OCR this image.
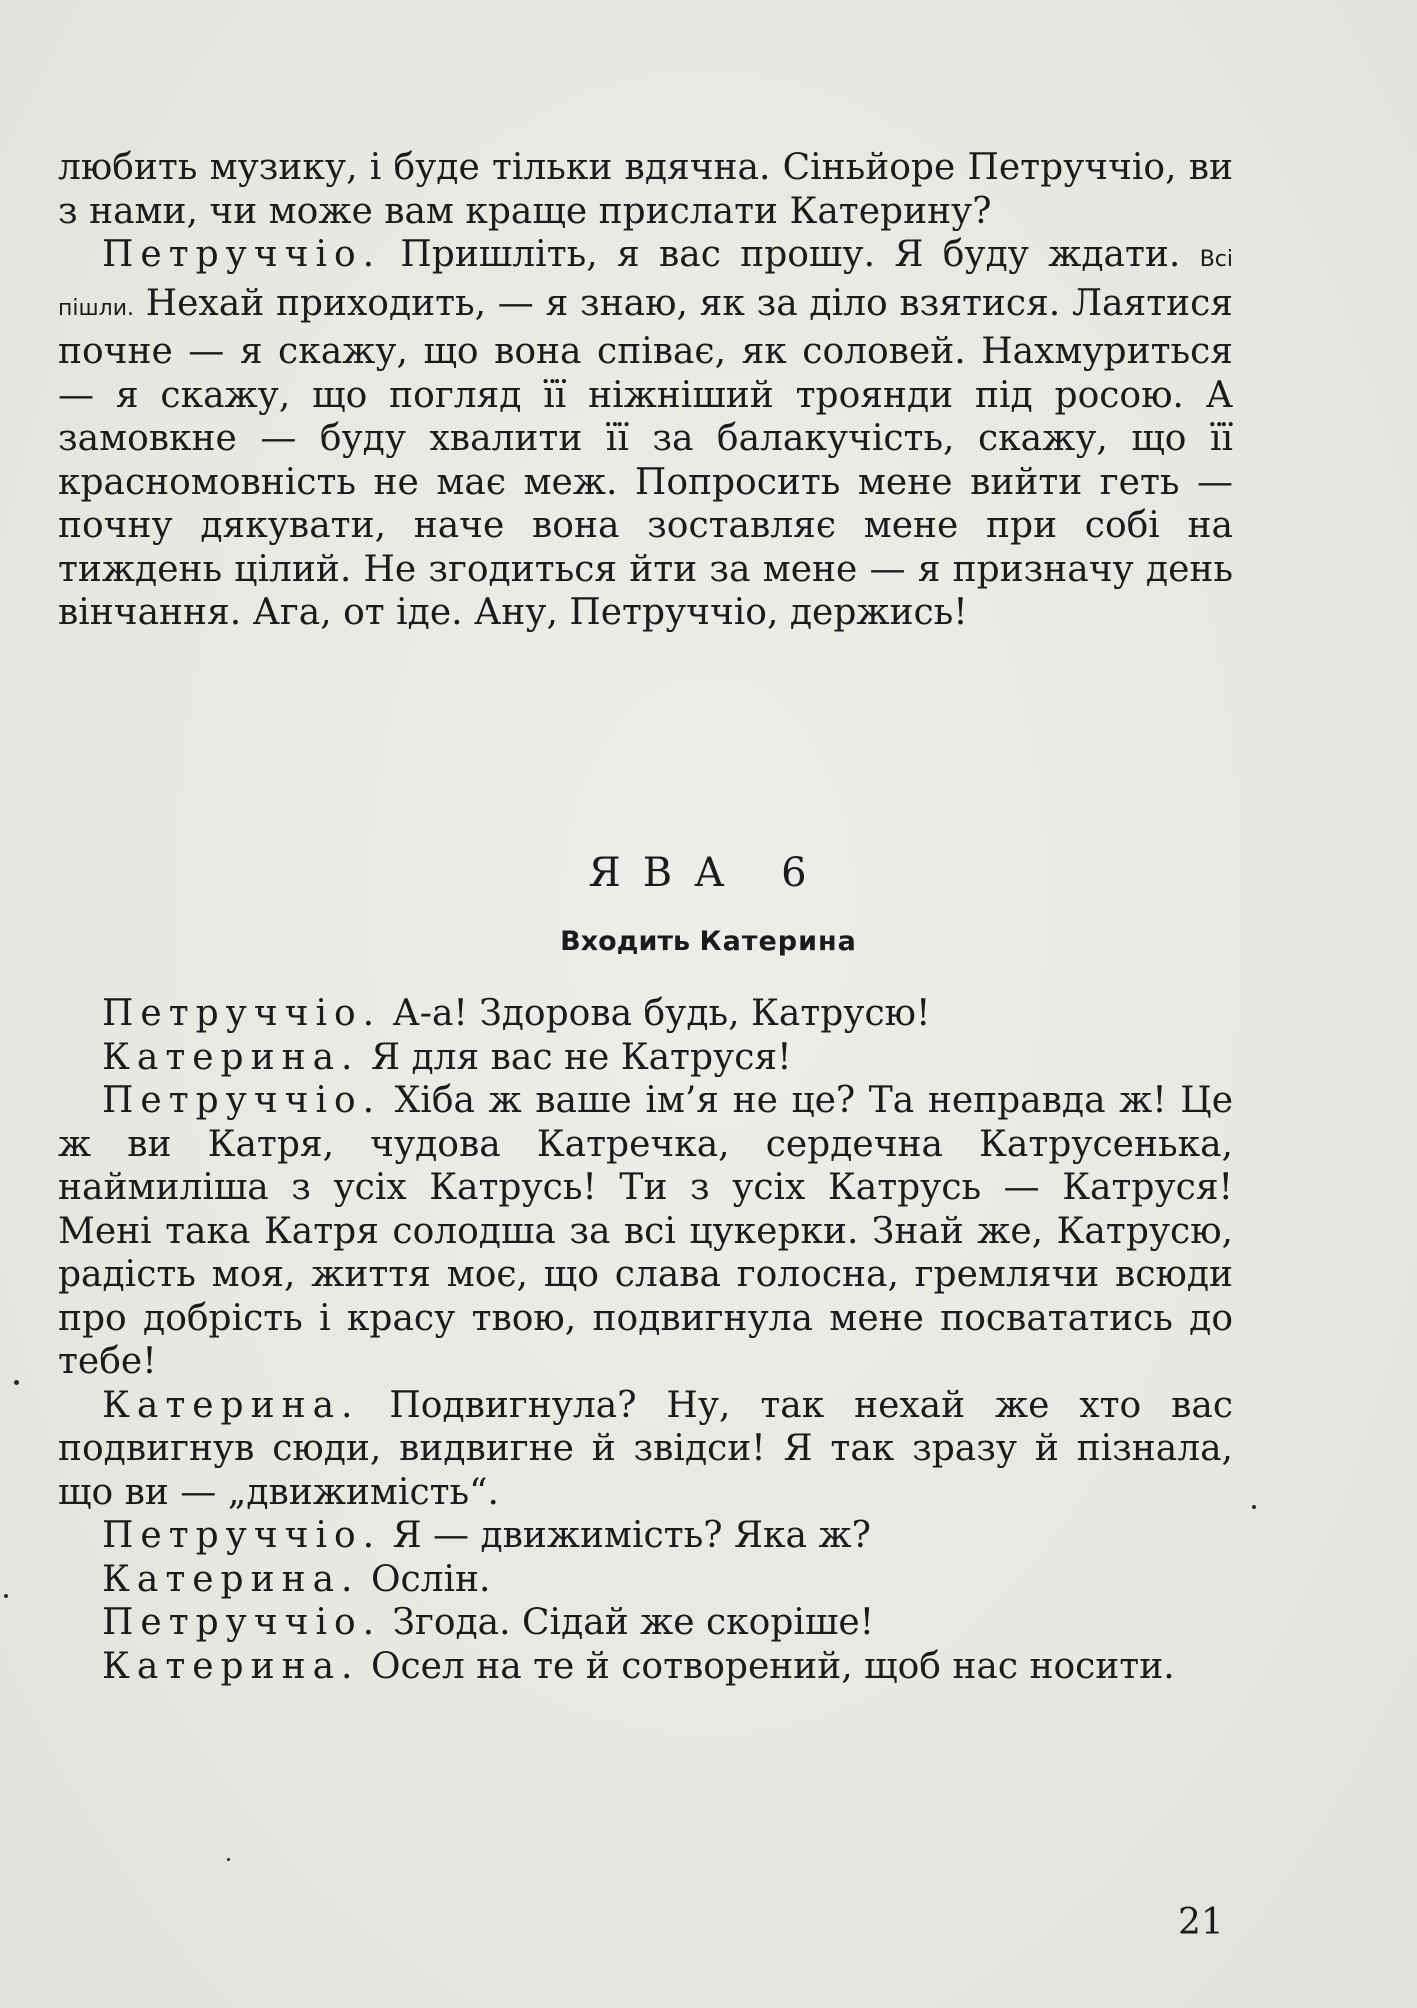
любить музику, і буде тільки вдячна. Сіньйоре Петруччіо, ви з нами, чи може вам краще прислати Катерину?

Петруччіо. Пришліть, я вас прошу. Я буду ждати. Всі пішли. Нехай приходить, — я знаю, як за діло взятися. Лаятися почне — я скажу, що вона співає, як соловей. Нахмуриться — я скажу, що погляд її ніжніший троянди під росою. А замовкне — буду хвалити її за балакучість, скажу, що її красномовність не має меж. Попросить мене вийти геть — почну дякувати, наче вона зоставляє мене при собі на тиждень цілий. Не згодиться йти за мене — я призначу день вінчання. Ага, от іде. Ану, Петруччіо, держись!

ЯВА 6
Входить Катерина

Петруччіо. А-а! Здорова будь, Катрусю!

Катерина. Я для вас не Катруся!

Петруччіо. Хіба ж ваше ім’я не це? Та неправда ж! Це ж ви Катря, чудова Катречка, сердечна Катрусенька, наймиліша з усіх Катрусь! Ти з усіх Катрусь — Катруся! Мені така Катря солодша за всі цукерки. Знай же, Катрусю, радість моя, життя моє, що слава голосна, гремлячи всюди про добрість і красу твою, подвигнула мене посвататись до тебе!

Катерина. Подвигнула? Ну, так нехай же хто вас подвигнув сюди, видвигне й звідси! Я так зразу й пізнала, що ви — „движимість“.

Петруччіо. Я — движимість? Яка ж?

Катерина. Ослін.

Петруччіо. Згода. Сідай же скоріше!

Катерина. Осел на те й сотворений, щоб нас носити.

21
